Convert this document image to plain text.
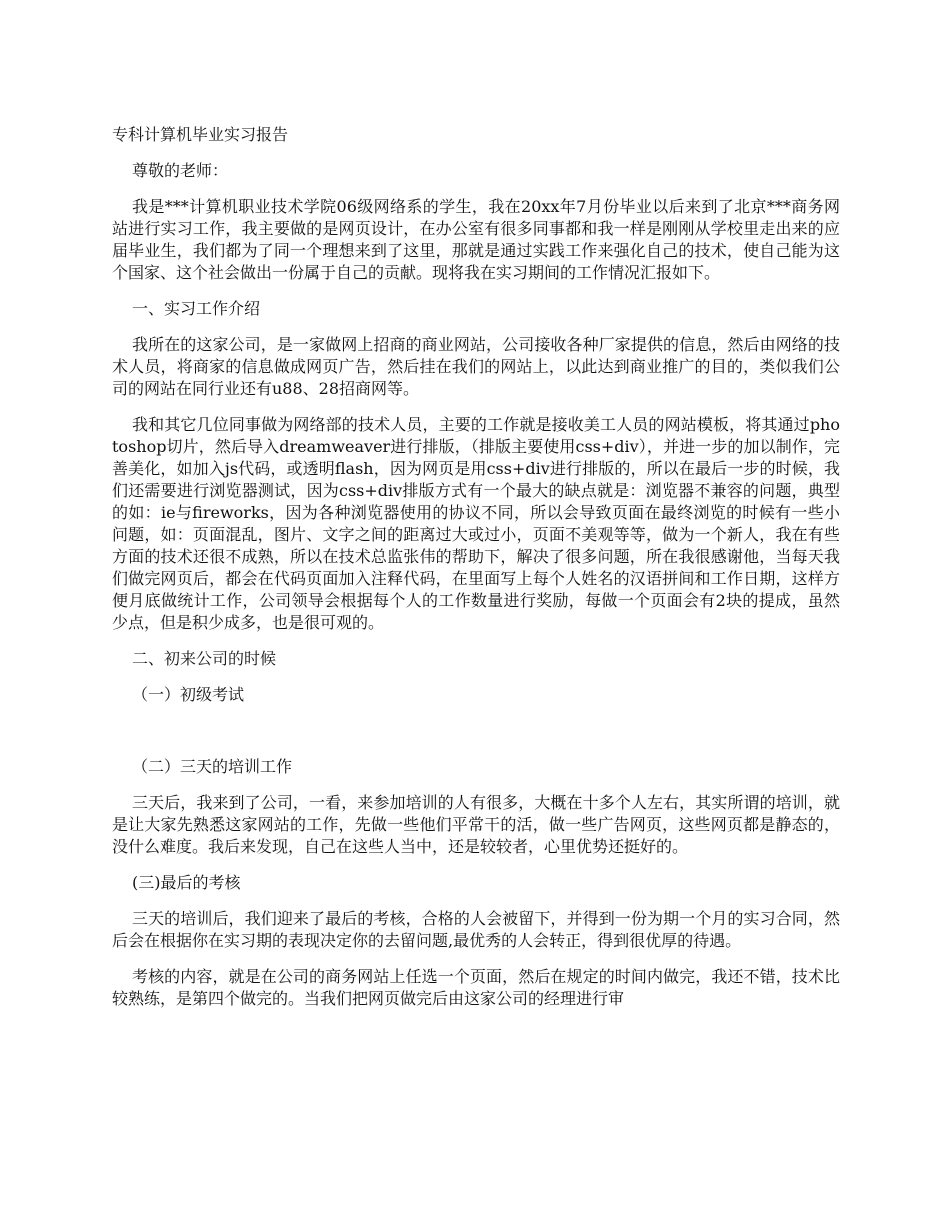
专科计算机毕业实习报告

尊敬的老师：

我是***计算机职业技术学院06级网络系的学生，我在20xx年7月份毕业以后来到了北京***商务网站进行实习工作，我主要做的是网页设计，在办公室有很多同事都和我一样是刚刚从学校里走出来的应届毕业生，我们都为了同一个理想来到了这里，那就是通过实践工作来强化自己的技术，使自己能为这个国家、这个社会做出一份属于自己的贡献。现将我在实习期间的工作情况汇报如下。

一、实习工作介绍

我所在的这家公司，是一家做网上招商的商业网站，公司接收各种厂家提供的信息，然后由网络的技术人员，将商家的信息做成网页广告，然后挂在我们的网站上，以此达到商业推广的目的，类似我们公司的网站在同行业还有u88、28招商网等。

我和其它几位同事做为网络部的技术人员，主要的工作就是接收美工人员的网站模板，将其通过photoshop切片，然后导入dreamweaver进行排版，（排版主要使用css+div），并进一步的加以制作，完善美化，如加入js代码，或透明flash，因为网页是用css+div进行排版的，所以在最后一步的时候，我们还需要进行浏览器测试，因为css+div排版方式有一个最大的缺点就是：浏览器不兼容的问题，典型的如：ie与fireworks，因为各种浏览器使用的协议不同，所以会导致页面在最终浏览的时候有一些小问题，如：页面混乱，图片、文字之间的距离过大或过小，页面不美观等等，做为一个新人，我在有些方面的技术还很不成熟，所以在技术总监张伟的帮助下，解决了很多问题，所在我很感谢他，当每天我们做完网页后，都会在代码页面加入注释代码，在里面写上每个人姓名的汉语拼间和工作日期，这样方便月底做统计工作，公司领导会根据每个人的工作数量进行奖励，每做一个页面会有2块的提成，虽然少点，但是积少成多，也是很可观的。

二、初来公司的时候

（一）初级考试

（二）三天的培训工作

三天后，我来到了公司，一看，来参加培训的人有很多，大概在十多个人左右，其实所谓的培训，就是让大家先熟悉这家网站的工作，先做一些他们平常干的活，做一些广告网页，这些网页都是静态的，没什么难度。我后来发现，自己在这些人当中，还是较较者，心里优势还挺好的。

(三)最后的考核

三天的培训后，我们迎来了最后的考核，合格的人会被留下，并得到一份为期一个月的实习合同，然后会在根据你在实习期的表现决定你的去留问题,最优秀的人会转正，得到很优厚的待遇。

考核的内容，就是在公司的商务网站上任选一个页面，然后在规定的时间内做完，我还不错，技术比较熟练，是第四个做完的。当我们把网页做完后由这家公司的经理进行审
